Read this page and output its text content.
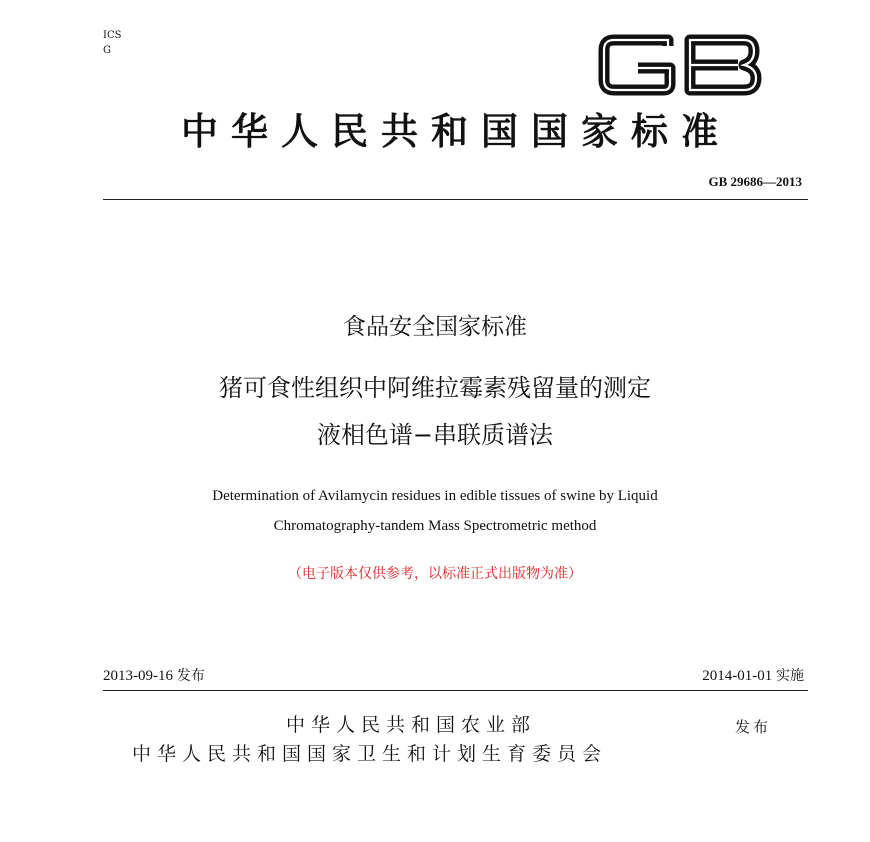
ICS
G
中华人民共和国国家标准
GB 29686—2013
食品安全国家标准
猪可食性组织中阿维拉霉素残留量的测定
液相色谱−串联质谱法
Determination of Avilamycin residues in edible tissues of swine by Liquid
Chromatography-tandem Mass Spectrometric method
（电子版本仅供参考，以标准正式出版物为准）
2013-09-16 发布	2014-01-01 实施
中华人民共和国农业部	发布
中华人民共和国国家卫生和计划生育委员会
